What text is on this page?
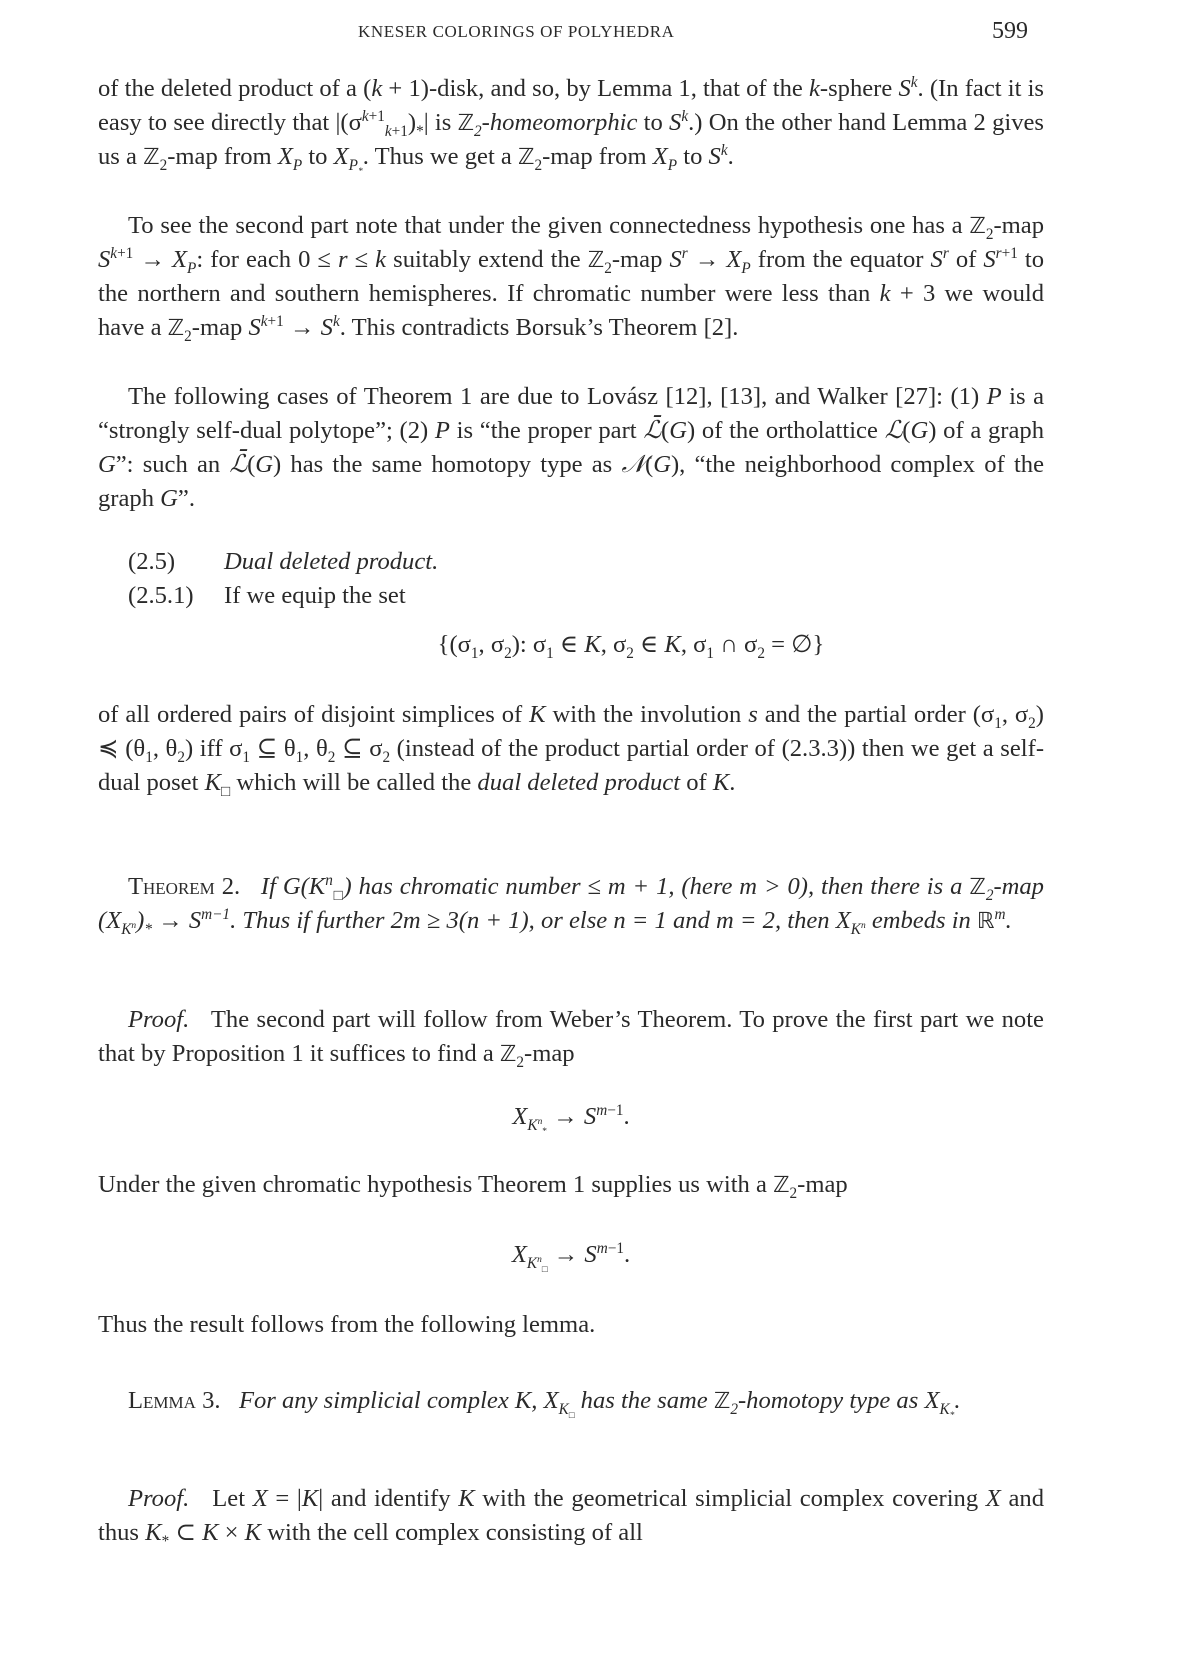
KNESER COLORINGS OF POLYHEDRA	599

of the deleted product of a (k + 1)-disk, and so, by Lemma 1, that of the k-sphere $S^k$. (In fact it is easy to see directly that $|(\sigma^{k+1}_{k+1})_*|$ is ℤ$_2$-homeomorphic to $S^k$.) On the other hand Lemma 2 gives us a ℤ$_2$-map from $X_P$ to $X_{P_*}$. Thus we get a ℤ$_2$-map from $X_P$ to $S^k$.

To see the second part note that under the given connectedness hypothesis one has a ℤ$_2$-map $S^{k+1} \to X_P$: for each 0 ≤ r ≤ k suitably extend the ℤ$_2$-map $S^r \to X_P$ from the equator $S^r$ of $S^{r+1}$ to the northern and southern hemispheres. If chromatic number were less than k + 3 we would have a ℤ$_2$-map $S^{k+1} \to S^k$. This contradicts Borsuk’s Theorem [2].

The following cases of Theorem 1 are due to Lovász [12], [13], and Walker [27]: (1) P is a “strongly self-dual polytope”; (2) P is “the proper part ℒ̄(G) of the ortholattice ℒ(G) of a graph G”: such an ℒ̄(G) has the same homotopy type as 𝒩(G), “the neighborhood complex of the graph G”.

(2.5) Dual deleted product.

(2.5.1) If we equip the set

{($\sigma_1$, $\sigma_2$): $\sigma_1$ ∈ K, $\sigma_2$ ∈ K, $\sigma_1$ ∩ $\sigma_2$ = ∅}

of all ordered pairs of disjoint simplices of K with the involution s and the partial order ($\sigma_1$, $\sigma_2$) ≼ ($\theta_1$, $\theta_2$) iff $\sigma_1$ ⊆ $\theta_1$, $\theta_2$ ⊆ $\sigma_2$ (instead of the product partial order of (2.3.3)) then we get a self-dual poset $K_□$ which will be called the dual deleted product of K.

Theorem 2. If $G(K^n_□)$ has chromatic number ≤ m + 1, (here m > 0), then there is a ℤ$_2$-map $(X_{K^n})_* \to S^{m-1}$. Thus if further 2m ≥ 3(n + 1), or else n = 1 and m = 2, then $X_{K^n}$ embeds in ℝ$^m$.

Proof. The second part will follow from Weber’s Theorem. To prove the first part we note that by Proposition 1 it suffices to find a ℤ$_2$-map

$X_{K^n_*} \to S^{m-1}$.

Under the given chromatic hypothesis Theorem 1 supplies us with a ℤ$_2$-map

$X_{K^n_□} \to S^{m-1}$.

Thus the result follows from the following lemma.

Lemma 3. For any simplicial complex K, $X_{K_□}$ has the same ℤ$_2$-homotopy type as $X_{K_*}$.

Proof. Let X = |K| and identify K with the geometrical simplicial complex covering X and thus $K_*$ ⊂ K × K with the cell complex consisting of all
